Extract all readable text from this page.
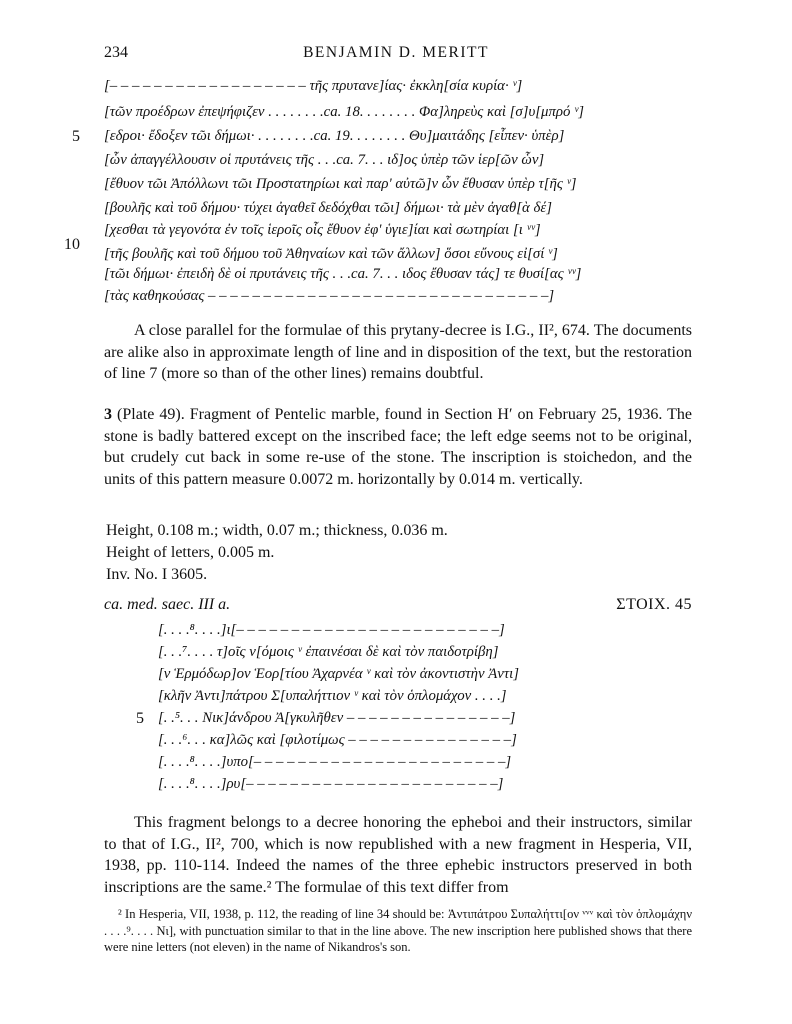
234	BENJAMIN D. MERITT
5
10
[– – – – – – – – – – – – – – – – – – τῆς πρυτανε]ίας· ἐκκλη[σία κυρία· ᵛ]
[τῶν προέδρων ἐπεψήφιζεν . . . . . . . .ca. 18. . . . . . . . Φα]ληρεὺς καὶ [σ]υ[μπρό ᵛ]
[εδροι· ἔδοξεν τῶι δήμωι· . . . . . . . .ca. 19. . . . . . . . Θυ]μαιτάδης [εἶπεν· ὑπὲρ]
[ὧν ἀπαγγέλλουσιν οἱ πρυτάνεις τῆς . . .ca. 7. . . ιδ]ος ὑπὲρ τῶν ἱερ[ῶν ὧν]
[ἔθυον τῶι Ἀπόλλωνι τῶι Προστατηρίωι καὶ παρ' αὐτῶ]ν ὧν ἔθυσαν ὑπὲρ τ[ῆς ᵛ]
[βουλῆς καὶ τοῦ δήμου· τύχει ἀγαθεῖ δεδόχθαι τῶι] δήμωι· τὰ μὲν ἀγαθ[ὰ δέ]
[χεσθαι τὰ γεγονότα ἐν τοῖς ἱεροῖς οἷς ἔθυον ἐφ' ὑγιε]ίαι καὶ σωτηρίαι [ι ᵛᵛ]
[τῆς βουλῆς καὶ τοῦ δήμου τοῦ Ἀθηναίων καὶ τῶν ἄλλων] ὅσοι εὔνους εἰ[σί ᵛ]
[τῶι δήμωι· ἐπειδὴ δὲ οἱ πρυτάνεις τῆς . . .ca. 7. . . ιδος ἔθυσαν τάς] τε θυσί[ας ᵛᵛ]
[τὰς καθηκούσας – – – – – – – – – – – – – – – – – – – – – – – – – – – – – – –]

A close parallel for the formulae of this prytany-decree is I.G., II², 674. The documents are alike also in approximate length of line and in disposition of the text, but the restoration of line 7 (more so than of the other lines) remains doubtful.

3 (Plate 49). Fragment of Pentelic marble, found in Section Η′ on February 25, 1936. The stone is badly battered except on the inscribed face; the left edge seems not to be original, but crudely cut back in some re-use of the stone. The inscription is stoichedon, and the units of this pattern measure 0.0072 m. horizontally by 0.014 m. vertically.

Height, 0.108 m.; width, 0.07 m.; thickness, 0.036 m.
Height of letters, 0.005 m.
Inv. No. I 3605.
ca. med. saec. III a.	ΣΤΟΙΧ. 45
5
[. . . .⁸. . . .]ι[– – – – – – – – – – – – – – – – – – – – – – – –]
[. . .⁷. . . . τ]οῖς ν[όμοις ᵛ ἐπαινέσαι δὲ καὶ τὸν παιδοτρίβη]
[ν Ἑρμόδωρ]ον Ἑορ[τίου Ἀχαρνέα ᵛ καὶ τὸν ἀκοντιστὴν Ἀντι]
[κλῆν Ἀντι]πάτρου Σ[υπαλήττιον ᵛ καὶ τὸν ὁπλομάχον . . . .]
[. .⁵. . . Νικ]άνδρου Ἀ[γκυλῆθεν – – – – – – – – – – – – – – –]
[. . .⁶. . . κα]λῶς καὶ [φιλοτίμως – – – – – – – – – – – – – – –]
[. . . .⁸. . . .]υπο[– – – – – – – – – – – – – – – – – – – – – – –]
[. . . .⁸. . . .]ρυ[– – – – – – – – – – – – – – – – – – – – – – –]

This fragment belongs to a decree honoring the epheboi and their instructors, similar to that of I.G., II², 700, which is now republished with a new fragment in Hesperia, VII, 1938, pp. 110-114. Indeed the names of the three ephebic instructors preserved in both inscriptions are the same.² The formulae of this text differ from

² In Hesperia, VII, 1938, p. 112, the reading of line 34 should be: Ἀντιπάτρου Συπαλήττι[ον ᵛᵛᵛ καὶ τὸν ὁπλομάχην . . . .⁹. . . . Νι], with punctuation similar to that in the line above. The new inscription here published shows that there were nine letters (not eleven) in the name of Nikandros's son.
